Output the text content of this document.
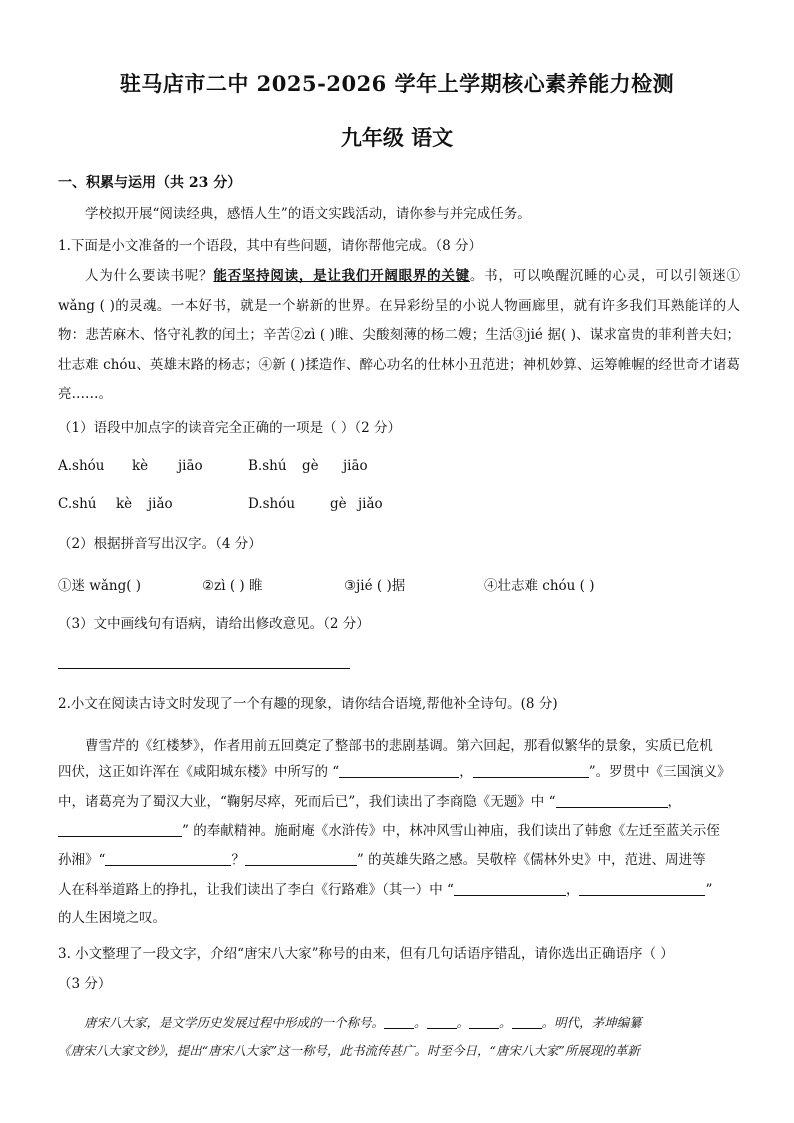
驻马店市二中 2025-2026 学年上学期核心素养能力检测
九年级 语文
一、积累与运用（共 23 分）
学校拟开展“阅读经典，感悟人生”的语文实践活动，请你参与并完成任务。
1.下面是小文准备的一个语段，其中有些问题，请你帮他完成。（8 分）
人为什么要读书呢？能否坚持阅读，是让我们开阔眼界的关键。书，可以唤醒沉睡的心灵，可以引领迷① wǎng ( )的灵魂。一本好书，就是一个崭新的世界。在异彩纷呈的小说人物画廊里，就有许多我们耳熟能详的人物：悲苦麻木、恪守礼教的闰土；辛苦②zì ( )睢、尖酸刻薄的杨二嫂；生活③jié 据( )、谋求富贵的菲利普夫妇；壮志难 chóu、英雄末路的杨志；④新 ( )揉造作、醉心功名的仕林小丑范进；神机妙算、运筹帷幄的经世奇才诸葛亮……。
（1）语段中加点字的读音完全正确的一项是（ ）（2 分）
A.shóu kè jiāo	B.shú gè jiāo
C.shú kè jiǎo	D.shóu	gè jiǎo
（2）根据拼音写出汉字。（4 分）
①迷 wǎng( )	②zì ( ) 睢	③jié ( )据	④壮志难 chóu ( )
（3）文中画线句有语病，请给出修改意见。（2 分）
2.小文在阅读古诗文时发现了一个有趣的现象，请你结合语境,帮他补全诗句。(8 分)
曹雪芹的《红楼梦》，作者用前五回奠定了整部书的悲剧基调。第六回起，那看似繁华的景象，实质已危机
四伏，这正如许浑在《咸阳城东楼》中所写的 “	，	”。罗贯中《三国演义》
中，诸葛亮为了蜀汉大业，“鞠躬尽瘁，死而后已”，我们读出了李商隐《无题》中 “	，
” 的奉献精神。施耐庵《水浒传》中，林冲风雪山神庙，我们读出了韩愈《左迁至蓝关示侄
孙湘》“	？	” 的英雄失路之感。吴敬梓《儒林外史》中，范进、周进等
人在科举道路上的挣扎，让我们读出了李白《行路难》（其一）中 “	，	”
的人生困境之叹。
3. 小文整理了一段文字，介绍“唐宋八大家”称号的由来，但有几句话语序错乱，请你选出正确语序（ ）
（3 分）
唐宋八大家，是文学历史发展过程中形成的一个称号。 。 。 。 。明代，茅坤编纂
《唐宋八大家文钞》，提出“唐宋八大家”这一称号，此书流传甚广。时至今日，“唐宋八大家”所展现的革新
